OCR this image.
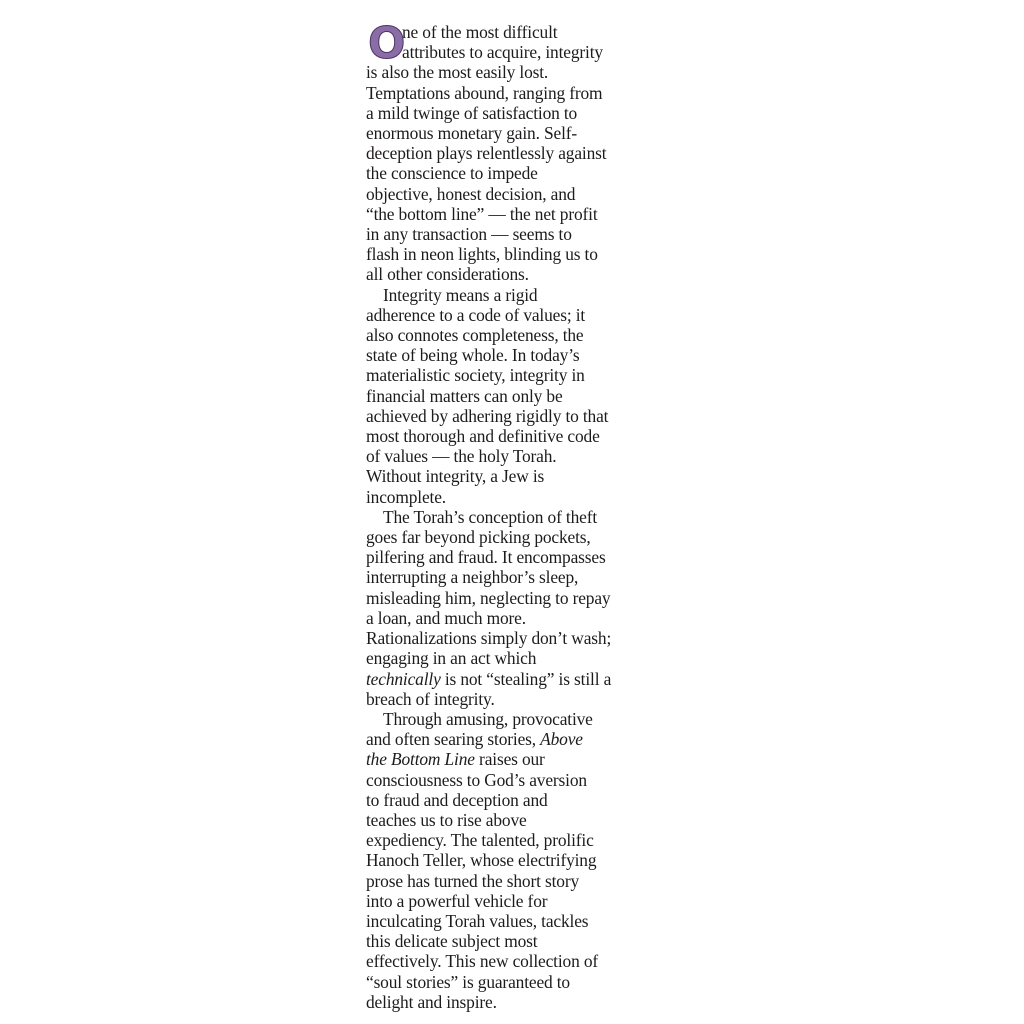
O

ne of the most difficult
attributes to acquire, integrity
is also the most easily lost.
Temptations abound, ranging from
a mild twinge of satisfaction to
enormous monetary gain. Self-
deception plays relentlessly against
the conscience to impede
objective, honest decision, and
“the bottom line” — the net profit
in any transaction — seems to
flash in neon lights, blinding us to
all other considerations.

Integrity means a rigid
adherence to a code of values; it
also connotes completeness, the
state of being whole. In today’s
materialistic society, integrity in
financial matters can only be
achieved by adhering rigidly to that
most thorough and definitive code
of values — the holy Torah.
Without integrity, a Jew is
incomplete.

The Torah’s conception of theft
goes far beyond picking pockets,
pilfering and fraud. It encompasses
interrupting a neighbor’s sleep,
misleading him, neglecting to repay
a loan, and much more.
Rationalizations simply don’t wash;
engaging in an act which
technically is not “stealing” is still a
breach of integrity.

Through amusing, provocative
and often searing stories, Above
the Bottom Line raises our
consciousness to God’s aversion
to fraud and deception and
teaches us to rise above
expediency. The talented, prolific
Hanoch Teller, whose electrifying
prose has turned the short story
into a powerful vehicle for
inculcating Torah values, tackles
this delicate subject most
effectively. This new collection of
“soul stories” is guaranteed to
delight and inspire.
